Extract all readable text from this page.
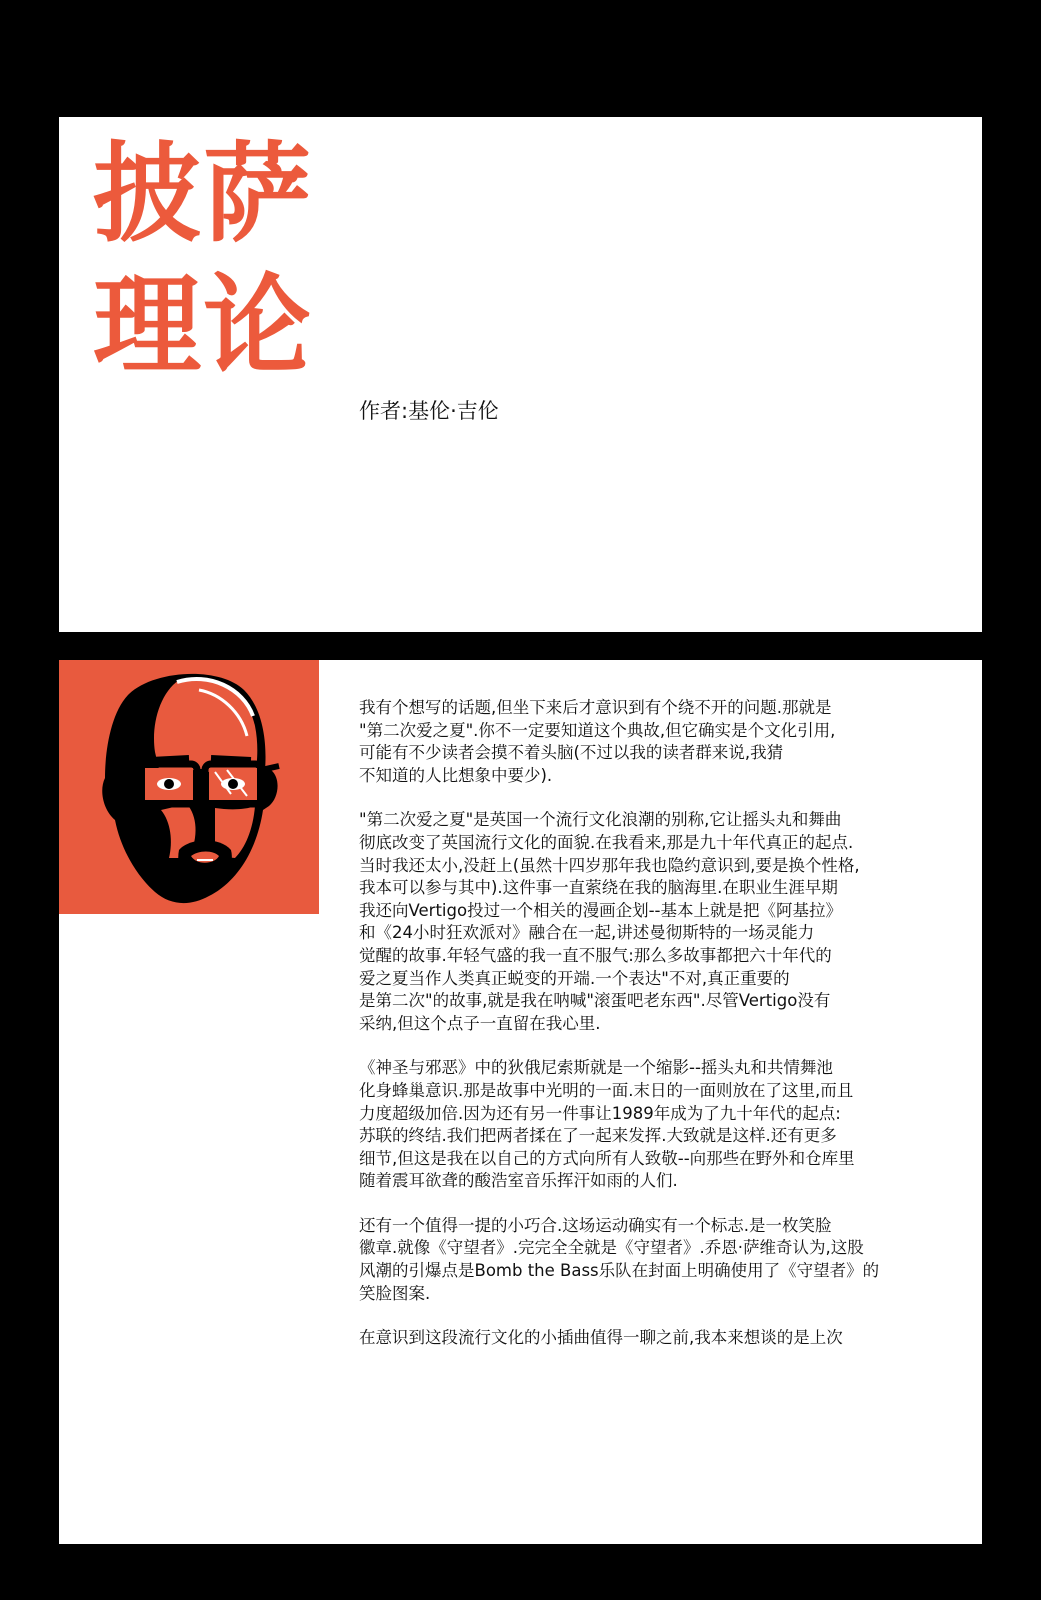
披萨
理论

作者:基伦·吉伦

我有个想写的话题,但坐下来后才意识到有个绕不开的问题.那就是
"第二次爱之夏".你不一定要知道这个典故,但它确实是个文化引用,
可能有不少读者会摸不着头脑(不过以我的读者群来说,我猜
不知道的人比想象中要少).

"第二次爱之夏"是英国一个流行文化浪潮的别称,它让摇头丸和舞曲
彻底改变了英国流行文化的面貌.在我看来,那是九十年代真正的起点.
当时我还太小,没赶上(虽然十四岁那年我也隐约意识到,要是换个性格,
我本可以参与其中).这件事一直萦绕在我的脑海里.在职业生涯早期
我还向Vertigo投过一个相关的漫画企划--基本上就是把《阿基拉》
和《24小时狂欢派对》融合在一起,讲述曼彻斯特的一场灵能力
觉醒的故事.年轻气盛的我一直不服气:那么多故事都把六十年代的
爱之夏当作人类真正蜕变的开端.一个表达"不对,真正重要的
是第二次"的故事,就是我在呐喊"滚蛋吧老东西".尽管Vertigo没有
采纳,但这个点子一直留在我心里.

《神圣与邪恶》中的狄俄尼索斯就是一个缩影--摇头丸和共情舞池
化身蜂巢意识.那是故事中光明的一面.末日的一面则放在了这里,而且
力度超级加倍.因为还有另一件事让1989年成为了九十年代的起点:
苏联的终结.我们把两者揉在了一起来发挥.大致就是这样.还有更多
细节,但这是我在以自己的方式向所有人致敬--向那些在野外和仓库里
随着震耳欲聋的酸浩室音乐挥汗如雨的人们.

还有一个值得一提的小巧合.这场运动确实有一个标志.是一枚笑脸
徽章.就像《守望者》.完完全全就是《守望者》.乔恩·萨维奇认为,这股
风潮的引爆点是Bomb the Bass乐队在封面上明确使用了《守望者》的
笑脸图案.

在意识到这段流行文化的小插曲值得一聊之前,我本来想谈的是上次
